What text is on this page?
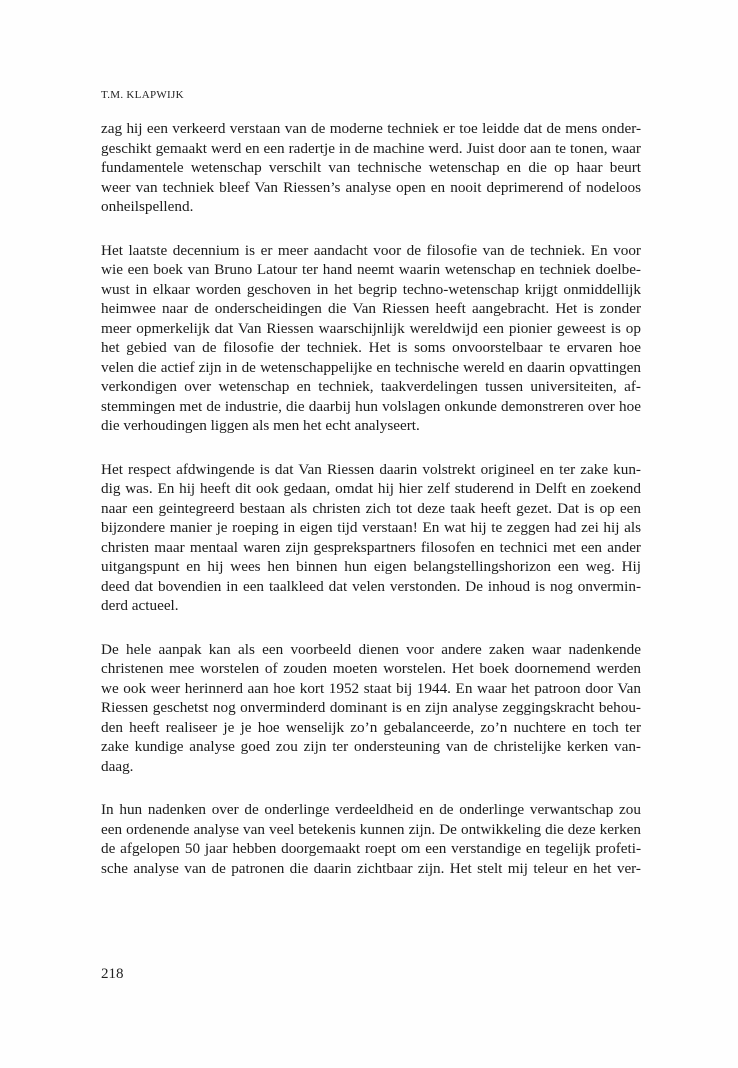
T.M. KLAPWIJK

zag hij een verkeerd verstaan van de moderne techniek er toe leidde dat de mens onder-
geschikt gemaakt werd en een radertje in de machine werd. Juist door aan te tonen, waar
fundamentele wetenschap verschilt van technische wetenschap en die op haar beurt
weer van techniek bleef Van Riessen’s analyse open en nooit deprimerend of nodeloos
onheilspellend.

Het laatste decennium is er meer aandacht voor de filosofie van de techniek. En voor
wie een boek van Bruno Latour ter hand neemt waarin wetenschap en techniek doelbe-
wust in elkaar worden geschoven in het begrip techno-wetenschap krijgt onmiddellijk
heimwee naar de onderscheidingen die Van Riessen heeft aangebracht. Het is zonder
meer opmerkelijk dat Van Riessen waarschijnlijk wereldwijd een pionier geweest is op
het gebied van de filosofie der techniek. Het is soms onvoorstelbaar te ervaren hoe
velen die actief zijn in de wetenschappelijke en technische wereld en daarin opvattingen
verkondigen over wetenschap en techniek, taakverdelingen tussen universiteiten, af-
stemmingen met de industrie, die daarbij hun volslagen onkunde demonstreren over hoe
die verhoudingen liggen als men het echt analyseert.

Het respect afdwingende is dat Van Riessen daarin volstrekt origineel en ter zake kun-
dig was. En hij heeft dit ook gedaan, omdat hij hier zelf studerend in Delft en zoekend
naar een geintegreerd bestaan als christen zich tot deze taak heeft gezet. Dat is op een
bijzondere manier je roeping in eigen tijd verstaan! En wat hij te zeggen had zei hij als
christen maar mentaal waren zijn gesprekspartners filosofen en technici met een ander
uitgangspunt en hij wees hen binnen hun eigen belangstellingshorizon een weg. Hij
deed dat bovendien in een taalkleed dat velen verstonden. De inhoud is nog onvermin-
derd actueel.

De hele aanpak kan als een voorbeeld dienen voor andere zaken waar nadenkende
christenen mee worstelen of zouden moeten worstelen. Het boek doornemend werden
we ook weer herinnerd aan hoe kort 1952 staat bij 1944. En waar het patroon door Van
Riessen geschetst nog onverminderd dominant is en zijn analyse zeggingskracht behou-
den heeft realiseer je je hoe wenselijk zo’n gebalanceerde, zo’n nuchtere en toch ter
zake kundige analyse goed zou zijn ter ondersteuning van de christelijke kerken van-
daag.

In hun nadenken over de onderlinge verdeeldheid en de onderlinge verwantschap zou
een ordenende analyse van veel betekenis kunnen zijn. De ontwikkeling die deze kerken
de afgelopen 50 jaar hebben doorgemaakt roept om een verstandige en tegelijk profeti-
sche analyse van de patronen die daarin zichtbaar zijn. Het stelt mij teleur en het ver-

218
